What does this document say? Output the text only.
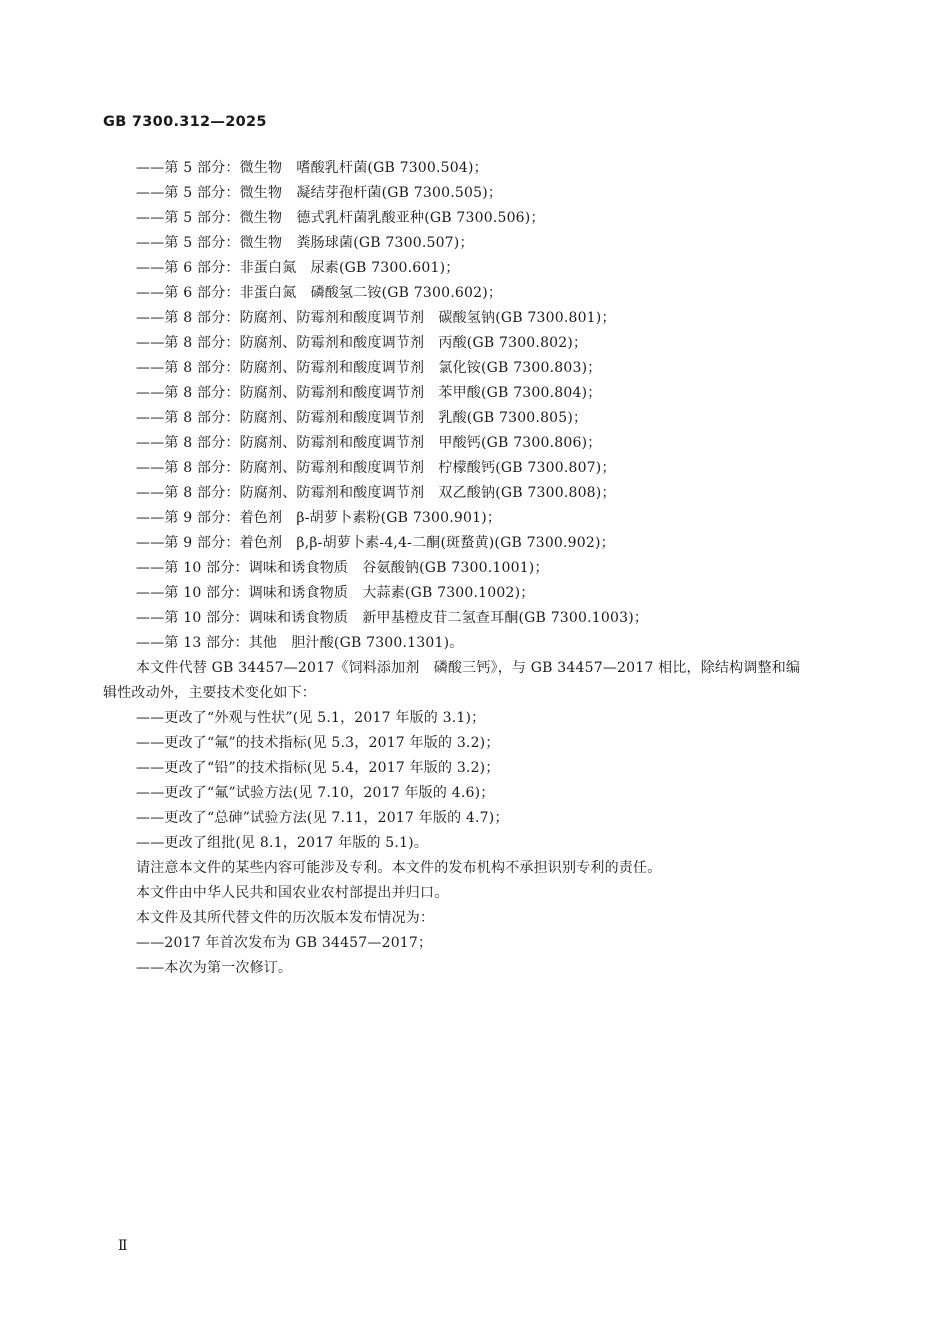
GB 7300.312—2025
——第 5 部分：微生物　嗜酸乳杆菌(GB 7300.504)；
——第 5 部分：微生物　凝结芽孢杆菌(GB 7300.505)；
——第 5 部分：微生物　德式乳杆菌乳酸亚种(GB 7300.506)；
——第 5 部分：微生物　粪肠球菌(GB 7300.507)；
——第 6 部分：非蛋白氮　尿素(GB 7300.601)；
——第 6 部分：非蛋白氮　磷酸氢二铵(GB 7300.602)；
——第 8 部分：防腐剂、防霉剂和酸度调节剂　碳酸氢钠(GB 7300.801)；
——第 8 部分：防腐剂、防霉剂和酸度调节剂　丙酸(GB 7300.802)；
——第 8 部分：防腐剂、防霉剂和酸度调节剂　氯化铵(GB 7300.803)；
——第 8 部分：防腐剂、防霉剂和酸度调节剂　苯甲酸(GB 7300.804)；
——第 8 部分：防腐剂、防霉剂和酸度调节剂　乳酸(GB 7300.805)；
——第 8 部分：防腐剂、防霉剂和酸度调节剂　甲酸钙(GB 7300.806)；
——第 8 部分：防腐剂、防霉剂和酸度调节剂　柠檬酸钙(GB 7300.807)；
——第 8 部分：防腐剂、防霉剂和酸度调节剂　双乙酸钠(GB 7300.808)；
——第 9 部分：着色剂　β-胡萝卜素粉(GB 7300.901)；
——第 9 部分：着色剂　β,β-胡萝卜素-4,4-二酮(斑蝥黄)(GB 7300.902)；
——第 10 部分：调味和诱食物质　谷氨酸钠(GB 7300.1001)；
——第 10 部分：调味和诱食物质　大蒜素(GB 7300.1002)；
——第 10 部分：调味和诱食物质　新甲基橙皮苷二氢查耳酮(GB 7300.1003)；
——第 13 部分：其他　胆汁酸(GB 7300.1301)。
本文件代替 GB 34457—2017《饲料添加剂　磷酸三钙》，与 GB 34457—2017 相比，除结构调整和编
辑性改动外，主要技术变化如下：
——更改了“外观与性状”(见 5.1，2017 年版的 3.1)；
——更改了“氟”的技术指标(见 5.3，2017 年版的 3.2)；
——更改了“铅”的技术指标(见 5.4，2017 年版的 3.2)；
——更改了“氟”试验方法(见 7.10，2017 年版的 4.6)；
——更改了“总砷”试验方法(见 7.11，2017 年版的 4.7)；
——更改了组批(见 8.1，2017 年版的 5.1)。
请注意本文件的某些内容可能涉及专利。本文件的发布机构不承担识别专利的责任。
本文件由中华人民共和国农业农村部提出并归口。
本文件及其所代替文件的历次版本发布情况为：
——2017 年首次发布为 GB 34457—2017；
——本次为第一次修订。
Ⅱ
